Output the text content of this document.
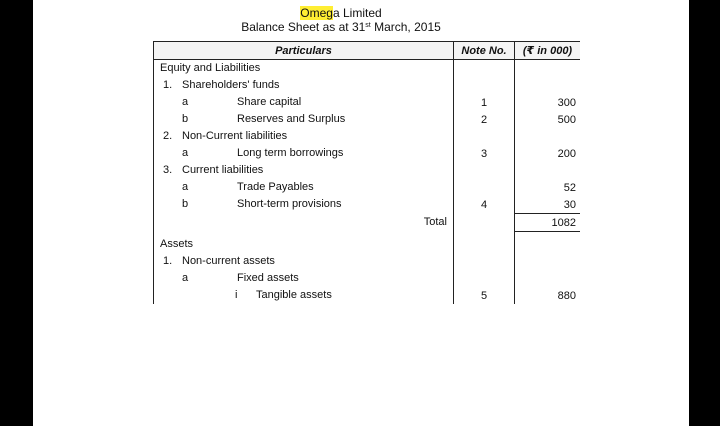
Omega Limited
Balance Sheet as at 31st March, 2015
Particulars	Note No.	(₹ in 000)

Equity and Liabilities		

1. Shareholders' funds		

a Share capital	1	300

b Reserves and Surplus	2	500

2. Non-Current liabilities		

a Long term borrowings	3	200

3. Current liabilities		

a Trade Payables		52

b Short-term provisions	4	30

Total		1082

Assets		

1. Non-current assets		

a Fixed assets		

i Tangible assets	5	880
